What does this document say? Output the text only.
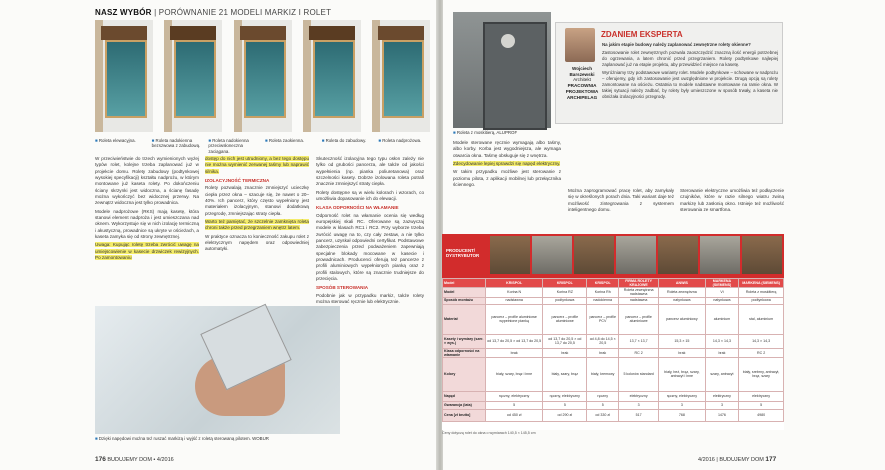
NASZ WYBÓR | PORÓWNANIE 21 MODELI MARKIZ I ROLET
■ Roleta elewacyjna.	■ Roleta nadokienna bezszwowa z zabudową.
■ Roleta nadokienna przeciwsłoneczna zaciągana.
■ Roleta zaokienna.	■ Roleta do zabudowy.	■ Roleta nadprożowa.

W przeciwieństwie do trzech wymienionych wyżej typów rolet, kolejne trzeba zaplanować już w projekcie domu. Rolety zabudowy (podtynkowej wysokiej specyfikacji) kształtu nadprożu, w którym montowane już kaseta rolety. Po dokończeniu ściany skrzynki jest widoczna, a ścianę fasadę można wykończyć bez widocznej przerwy. Na zewnątrz widoczna jest tylko prowadnica.

Modele nadprożowe (RKS) mają kasetę, która stanowi element nadproża i jest umieszczana nad oknem. Wykorzystuje się w nich izolację termiczną i akustyczną, prowadnice są ukryte w ościeżach, a kaseta zamyka się od strony zewnętrznej.

Uwaga: Kupując roletę trzeba zwrócić uwagę na umiejscowienie w kasecie drzwiczek rewizyjnych. Po zamontowaniu

dostęp do nich jest utrudniony, a bez tego dostępu nie można wymienić zerwanej taśmy lub naprawić silnika.

IZOLACYJNOŚĆ TERMICZNA

Rolety pozwalają znacznie zmniejszyć ucieczkę ciepła przez okna – szacuje się, że nawet o 20–40%. Ich pancerz, który często wypełniony jest materiałem izolacyjnym, stanowi dodatkową przegrodę, zmniejszając straty ciepła.

Warto też pamiętać, że szczelnie zamknięta roleta chroni także przed przegrzaniem wnętrz latem.

W praktyce oznacza to konieczność zakupu rolet z elektrycznym napędem oraz odpowiedniej automatyki.

Skuteczność izolacyjna tego typu osłon zależy nie tylko od grubości pancerza, ale także od jakości wypełnienia (np. pianka poliuretanowa) oraz szczelności kasety. Dobrze izolowana roleta potrafi znacznie zmniejszyć straty ciepła.

Rolety dostępne są w wielu kolorach i wzorach, co umożliwia dopasowanie ich do elewacji.

KLASA ODPORNOŚCI NA WŁAMANIE

Odporność rolet na włamanie ocenia się według europejskiej skali RC. Oferowane są zazwyczaj modele w klasach RC1 i RC2. Przy wyborze trzeba zwrócić uwagę na to, czy cały zestaw, a nie tylko pancerz, uzyskał odpowiedni certyfikat. Podstawowe zabezpieczenia przed podważeniem zapewniają specjalne blokady mocowane w kasecie i prowadnicach. Producenci oferują też pancerze z profili aluminiowych wypełnionych pianką oraz z profili stalowych, które są znacznie trudniejsze do przecięcia.

SPOSÓB STEROWANIA

Podobnie jak w przypadku markiz, także rolety można sterować ręcznie lub elektrycznie.

■ Dzięki napędowi można też ruszać markizą i wyjść z roletą sterowaną pilotem. WOBUR
176 BUDUJEMY DOM • 4/2016
■ Roleta z moskitierą, ALUPROF
ZDANIEM EKSPERTA
Wojciech Barszewski
Architekt
PRACOWNIA PROJEKTOWA ARCHIPELAG

Na jakim etapie budowy należy zaplanować zewnętrzne rolety okienne?

Zastosowanie rolet zewnętrznych pozwala zaoszczędzić znaczną ilość energii potrzebnej do ogrzewania, a latem chronić przed przegrzaniem. Rolety podtynkowe najlepiej zaplanować już na etapie projektu, aby przewidzieć miejsce na kasetę.

Wyróżniamy trzy podstawowe warianty rolet. Modele podtynkowe – schowane w nadprożu – oferujemy, gdy ich zastosowanie jest uwzględnione w projekcie. Drugą opcją są rolety zamontowane na ościeżu. Ostatnia to modele nadstawne montowane na ramie okna. W takiej sytuacji należy zadbać, by rolety były umieszczone w sposób trwały, a kaseta nie obniżała izolacyjności przegrody.

Modele sterowane ręcznie wymagają albo taśmy, albo korby. Korba jest wygodniejsza, ale wymaga otwarcia okna. Taśmę obsługuje się z wnętrza.

Zdecydowanie lepiej sprawdzi się napęd elektryczny.

W takim przypadku możliwe jest sterowanie z poziomu pilota, z aplikacji mobilnej lub przełącznika ściennego.

Można zaprogramować pracę rolet, aby zamykały się w określonych porach dnia. Taki wariant daje też możliwość zintegrowania z systemem inteligentnego domu.

Sterowanie elektryczne umożliwia też podłączenie czujników, które w razie silnego wiatru zwiną markizę lub zasłonią okno. Istnieje też możliwość sterowania ze smartfona.

PRODUCENT/ DYSTRYBUTOR
Model	KRISPOL	KRISPOL	KRISPOL	FIRMA ROLETY KRAJOWE	ANWIS	MARKENA (SIEMENS)	MARKENA (SIEMENS)
Model	Korina N	Korina RZ	Korina Rh	Roleta zewnętrzna nadstawna	Roleta zewnętrzna	Vi	Roleta z moskitierą
Sposób montażu	nadstawna	podtynkowa	nadokienna	nadstawna	natynkowa	natynkowa	podtynkowa
Materiał	pancerz – profile aluminiowe wypełnione pianką	pancerz – profile aluminiowe	pancerz – profile PCV	pancerz – profile aluminiowe	pancerz aluminiowy	aluminium	stal, aluminium
Kasety i wymiary (szer. × wys.)	od 13,7 do 20,5 × od 13,7 do 20,5	od 13,7 do 20,5 × od 13,7 do 20,5	od 4,8 do 14,5 × 20,5	13,7 × 13,7	15,3 × 15	14,3 × 14,3	14,3 × 14,3
Klasa odporności na włamanie	brak	brak	brak	RC 2	brak	brak	RC 2
Kolory	biały, szary, brąz i inne	biały, szary, brąz	biały, kremowy	5 kolorów standard	biały, beż, brąz, szary, antracyt i inne	szary, antracyt	biały, srebrny, antracyt, brąz, szary
Napęd	ręczny, elektryczny	ręczny, elektryczny	ręczny	elektryczny	ręczny, elektryczny	elektryczny	elektryczny
Gwarancja (lata)	5	5	5	3	3	3	5
Cena [zł brutto]	od 450 zł	od 290 zł	od 330 zł	517	768	1476	4980
Ceny dotyczą rolet do okna o wymiarach 140,5 × 145,5 cm
4/2016 | BUDUJEMY DOM 177
